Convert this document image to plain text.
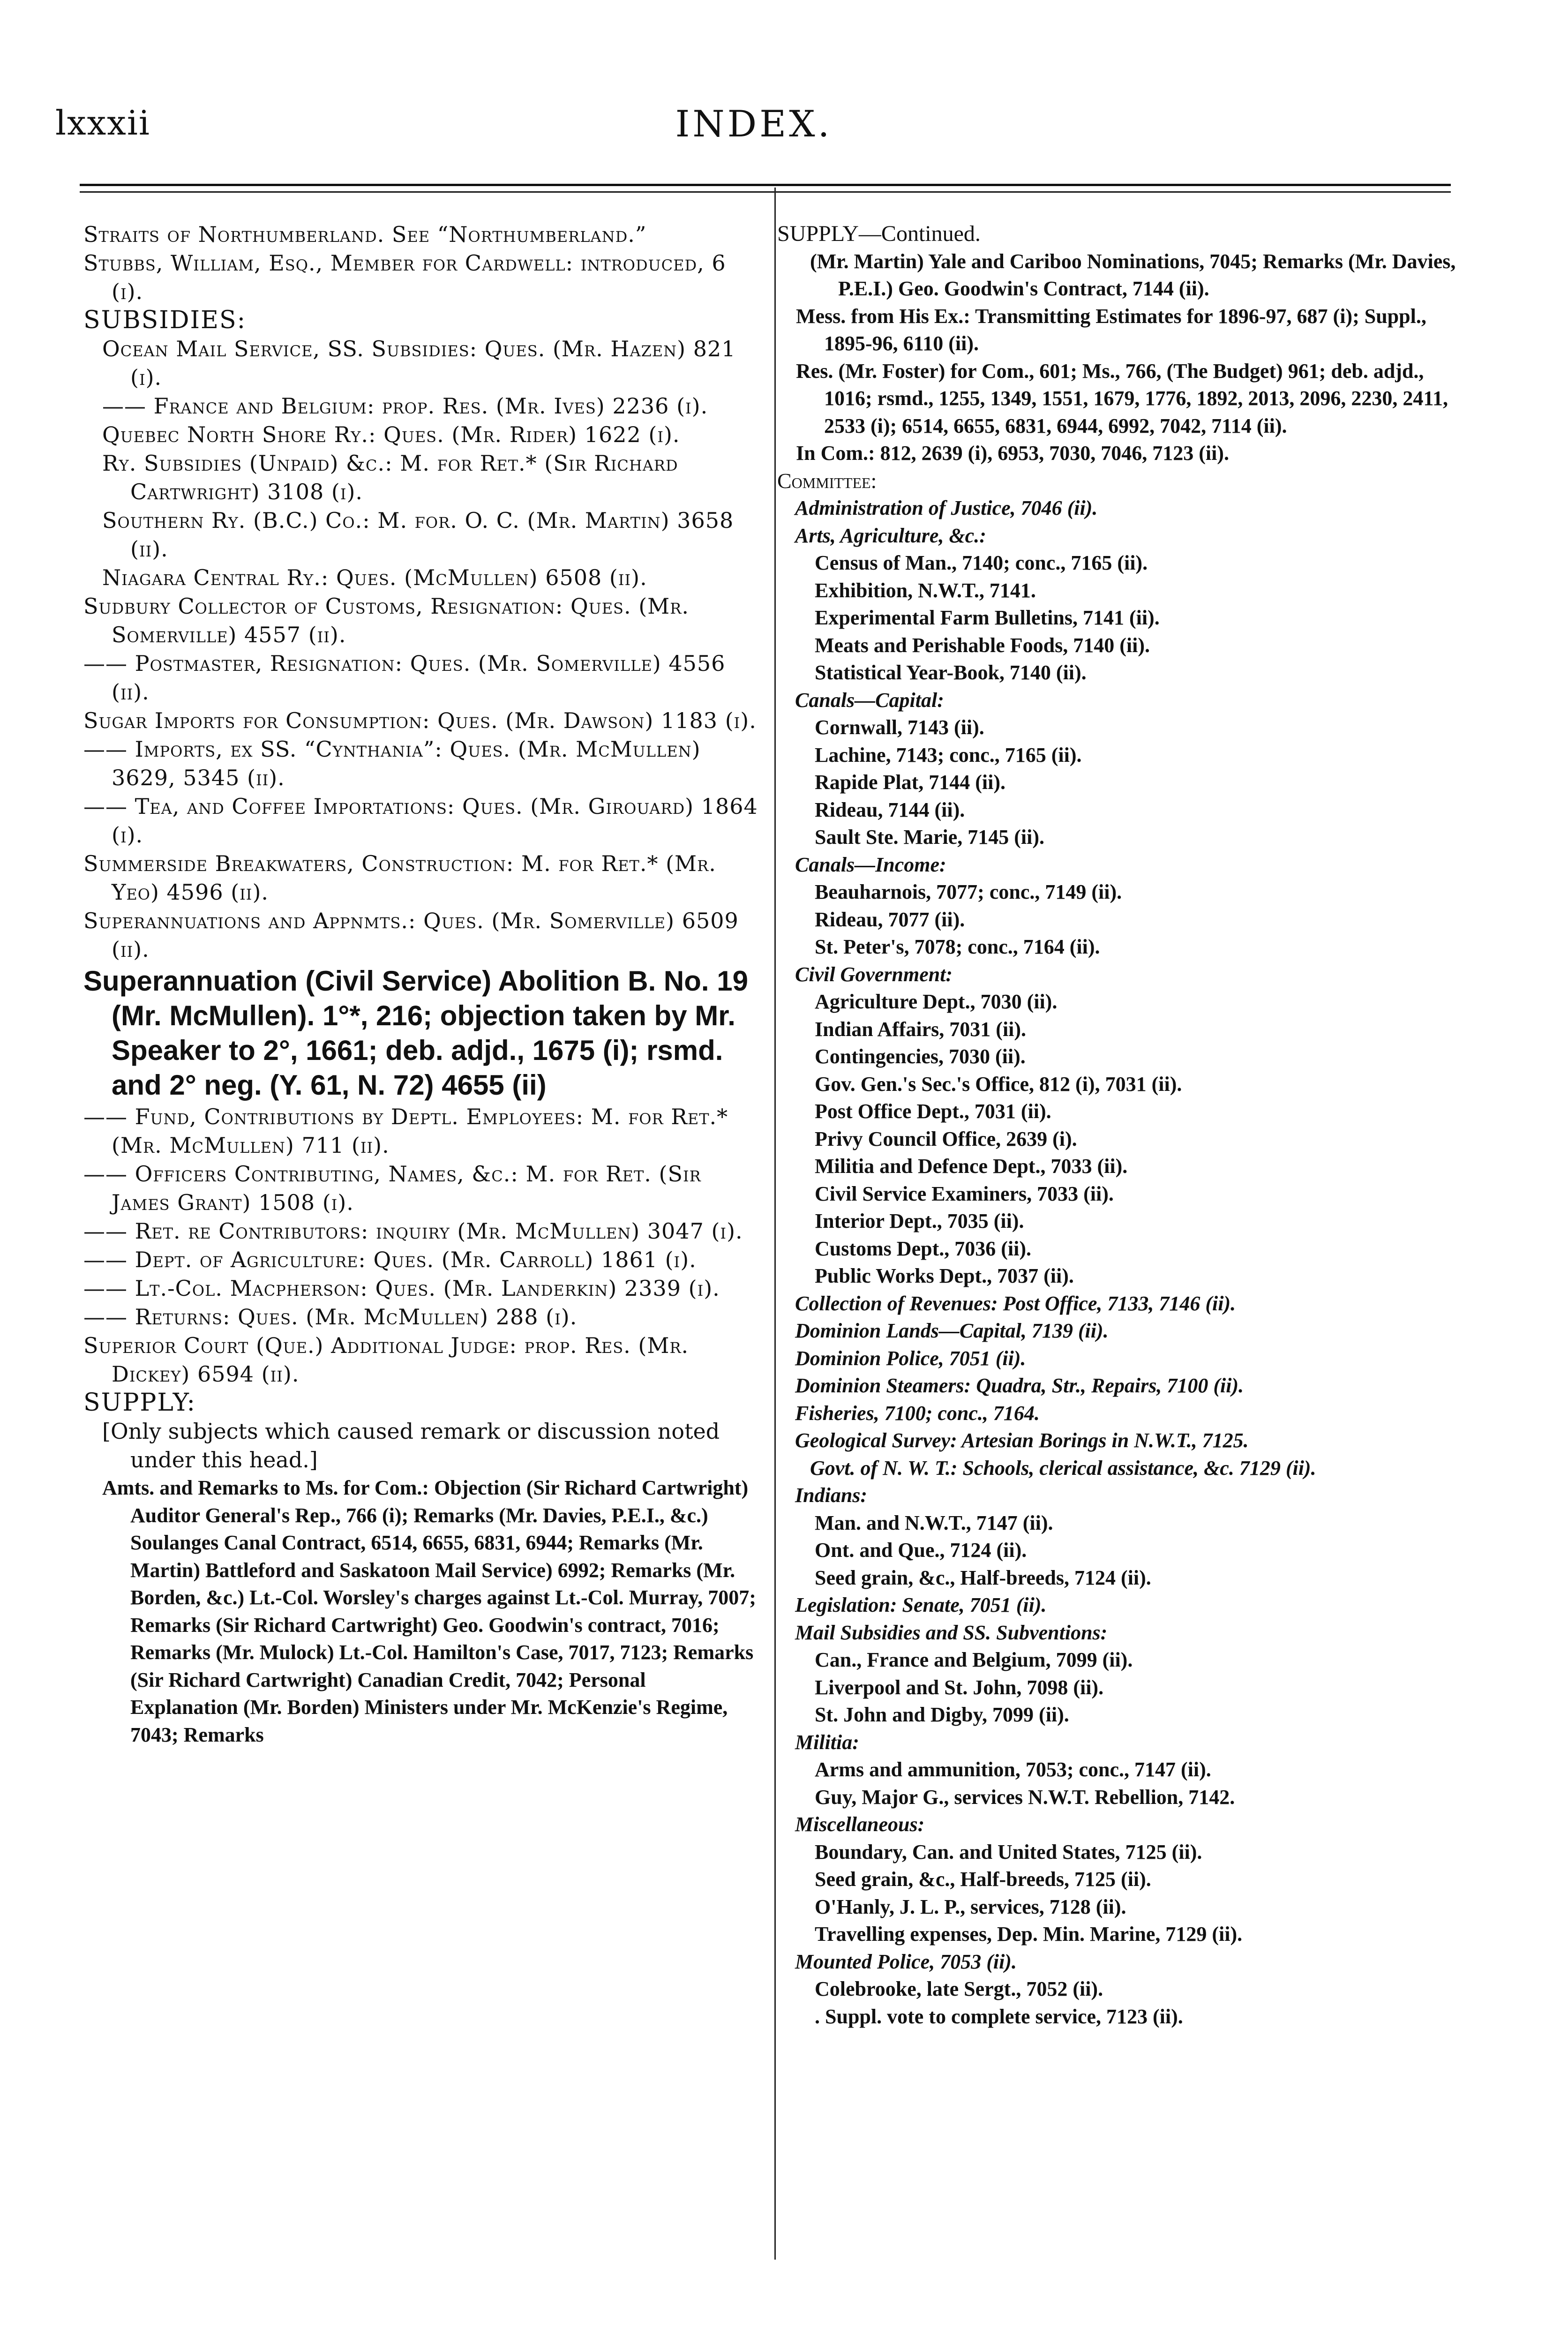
lxxxii	INDEX.

Straits of Northumberland. See “Northumberland.”

Stubbs, William, Esq., Member for Cardwell: introduced, 6 (i).

SUBSIDIES:

Ocean Mail Service, SS. Subsidies: Ques. (Mr. Hazen) 821 (i).

—— France and Belgium: prop. Res. (Mr. Ives) 2236 (i).

Quebec North Shore Ry.: Ques. (Mr. Rider) 1622 (i).

Ry. Subsidies (Unpaid) &c.: M. for Ret.* (Sir Richard Cartwright) 3108 (i).

Southern Ry. (B.C.) Co.: M. for. O. C. (Mr. Martin) 3658 (ii).

Niagara Central Ry.: Ques. (McMullen) 6508 (ii).

Sudbury Collector of Customs, Resignation: Ques. (Mr. Somerville) 4557 (ii).

—— Postmaster, Resignation: Ques. (Mr. Somerville) 4556 (ii).

Sugar Imports for Consumption: Ques. (Mr. Dawson) 1183 (i).

—— Imports, ex SS. “Cynthania”: Ques. (Mr. McMullen) 3629, 5345 (ii).

—— Tea, and Coffee Importations: Ques. (Mr. Girouard) 1864 (i).

Summerside Breakwaters, Construction: M. for Ret.* (Mr. Yeo) 4596 (ii).

Superannuations and Appnmts.: Ques. (Mr. Somerville) 6509 (ii).

Superannuation (Civil Service) Abolition B. No. 19 (Mr. McMullen). 1°*, 216; objection taken by Mr. Speaker to 2°, 1661; deb. adjd., 1675 (i); rsmd. and 2° neg. (Y. 61, N. 72) 4655 (ii)

—— Fund, Contributions by Deptl. Employees: M. for Ret.* (Mr. McMullen) 711 (ii).

—— Officers Contributing, Names, &c.: M. for Ret. (Sir James Grant) 1508 (i).

—— Ret. re Contributors: inquiry (Mr. McMullen) 3047 (i).

—— Dept. of Agriculture: Ques. (Mr. Carroll) 1861 (i).

—— Lt.-Col. Macpherson: Ques. (Mr. Landerkin) 2339 (i).

—— Returns: Ques. (Mr. McMullen) 288 (i).

Superior Court (Que.) Additional Judge: prop. Res. (Mr. Dickey) 6594 (ii).

SUPPLY:

[Only subjects which caused remark or discussion noted under this head.]

Amts. and Remarks to Ms. for Com.: Objection (Sir Richard Cartwright) Auditor General's Rep., 766 (i); Remarks (Mr. Davies, P.E.I., &c.) Soulanges Canal Contract, 6514, 6655, 6831, 6944; Remarks (Mr. Martin) Battleford and Saskatoon Mail Service) 6992; Remarks (Mr. Borden, &c.) Lt.-Col. Worsley's charges against Lt.-Col. Murray, 7007; Remarks (Sir Richard Cartwright) Geo. Goodwin's contract, 7016; Remarks (Mr. Mulock) Lt.-Col. Hamilton's Case, 7017, 7123; Remarks (Sir Richard Cartwright) Canadian Credit, 7042; Personal Explanation (Mr. Borden) Ministers under Mr. McKenzie's Regime, 7043; Remarks

SUPPLY—Continued.

(Mr. Martin) Yale and Cariboo Nominations, 7045; Remarks (Mr. Davies, P.E.I.) Geo. Goodwin's Contract, 7144 (ii).

Mess. from His Ex.: Transmitting Estimates for 1896-97, 687 (i); Suppl., 1895-96, 6110 (ii).

Res. (Mr. Foster) for Com., 601; Ms., 766, (The Budget) 961; deb. adjd., 1016; rsmd., 1255, 1349, 1551, 1679, 1776, 1892, 2013, 2096, 2230, 2411, 2533 (i); 6514, 6655, 6831, 6944, 6992, 7042, 7114 (ii).

In Com.: 812, 2639 (i), 6953, 7030, 7046, 7123 (ii).

Committee:

Administration of Justice, 7046 (ii).

Arts, Agriculture, &c.:

Census of Man., 7140; conc., 7165 (ii).

Exhibition, N.W.T., 7141.

Experimental Farm Bulletins, 7141 (ii).

Meats and Perishable Foods, 7140 (ii).

Statistical Year-Book, 7140 (ii).

Canals—Capital:

Cornwall, 7143 (ii).

Lachine, 7143; conc., 7165 (ii).

Rapide Plat, 7144 (ii).

Rideau, 7144 (ii).

Sault Ste. Marie, 7145 (ii).

Canals—Income:

Beauharnois, 7077; conc., 7149 (ii).

Rideau, 7077 (ii).

St. Peter's, 7078; conc., 7164 (ii).

Civil Government:

Agriculture Dept., 7030 (ii).

Indian Affairs, 7031 (ii).

Contingencies, 7030 (ii).

Gov. Gen.'s Sec.'s Office, 812 (i), 7031 (ii).

Post Office Dept., 7031 (ii).

Privy Council Office, 2639 (i).

Militia and Defence Dept., 7033 (ii).

Civil Service Examiners, 7033 (ii).

Interior Dept., 7035 (ii).

Customs Dept., 7036 (ii).

Public Works Dept., 7037 (ii).

Collection of Revenues: Post Office, 7133, 7146 (ii).

Dominion Lands—Capital, 7139 (ii).

Dominion Police, 7051 (ii).

Dominion Steamers: Quadra, Str., Repairs, 7100 (ii).

Fisheries, 7100; conc., 7164.

Geological Survey: Artesian Borings in N.W.T., 7125.

Govt. of N. W. T.: Schools, clerical assistance, &c. 7129 (ii).

Indians:

Man. and N.W.T., 7147 (ii).

Ont. and Que., 7124 (ii).

Seed grain, &c., Half-breeds, 7124 (ii).

Legislation: Senate, 7051 (ii).

Mail Subsidies and SS. Subventions:

Can., France and Belgium, 7099 (ii).

Liverpool and St. John, 7098 (ii).

St. John and Digby, 7099 (ii).

Militia:

Arms and ammunition, 7053; conc., 7147 (ii).

Guy, Major G., services N.W.T. Rebellion, 7142.

Miscellaneous:

Boundary, Can. and United States, 7125 (ii).

Seed grain, &c., Half-breeds, 7125 (ii).

O'Hanly, J. L. P., services, 7128 (ii).

Travelling expenses, Dep. Min. Marine, 7129 (ii).

Mounted Police, 7053 (ii).

Colebrooke, late Sergt., 7052 (ii).

. Suppl. vote to complete service, 7123 (ii).
